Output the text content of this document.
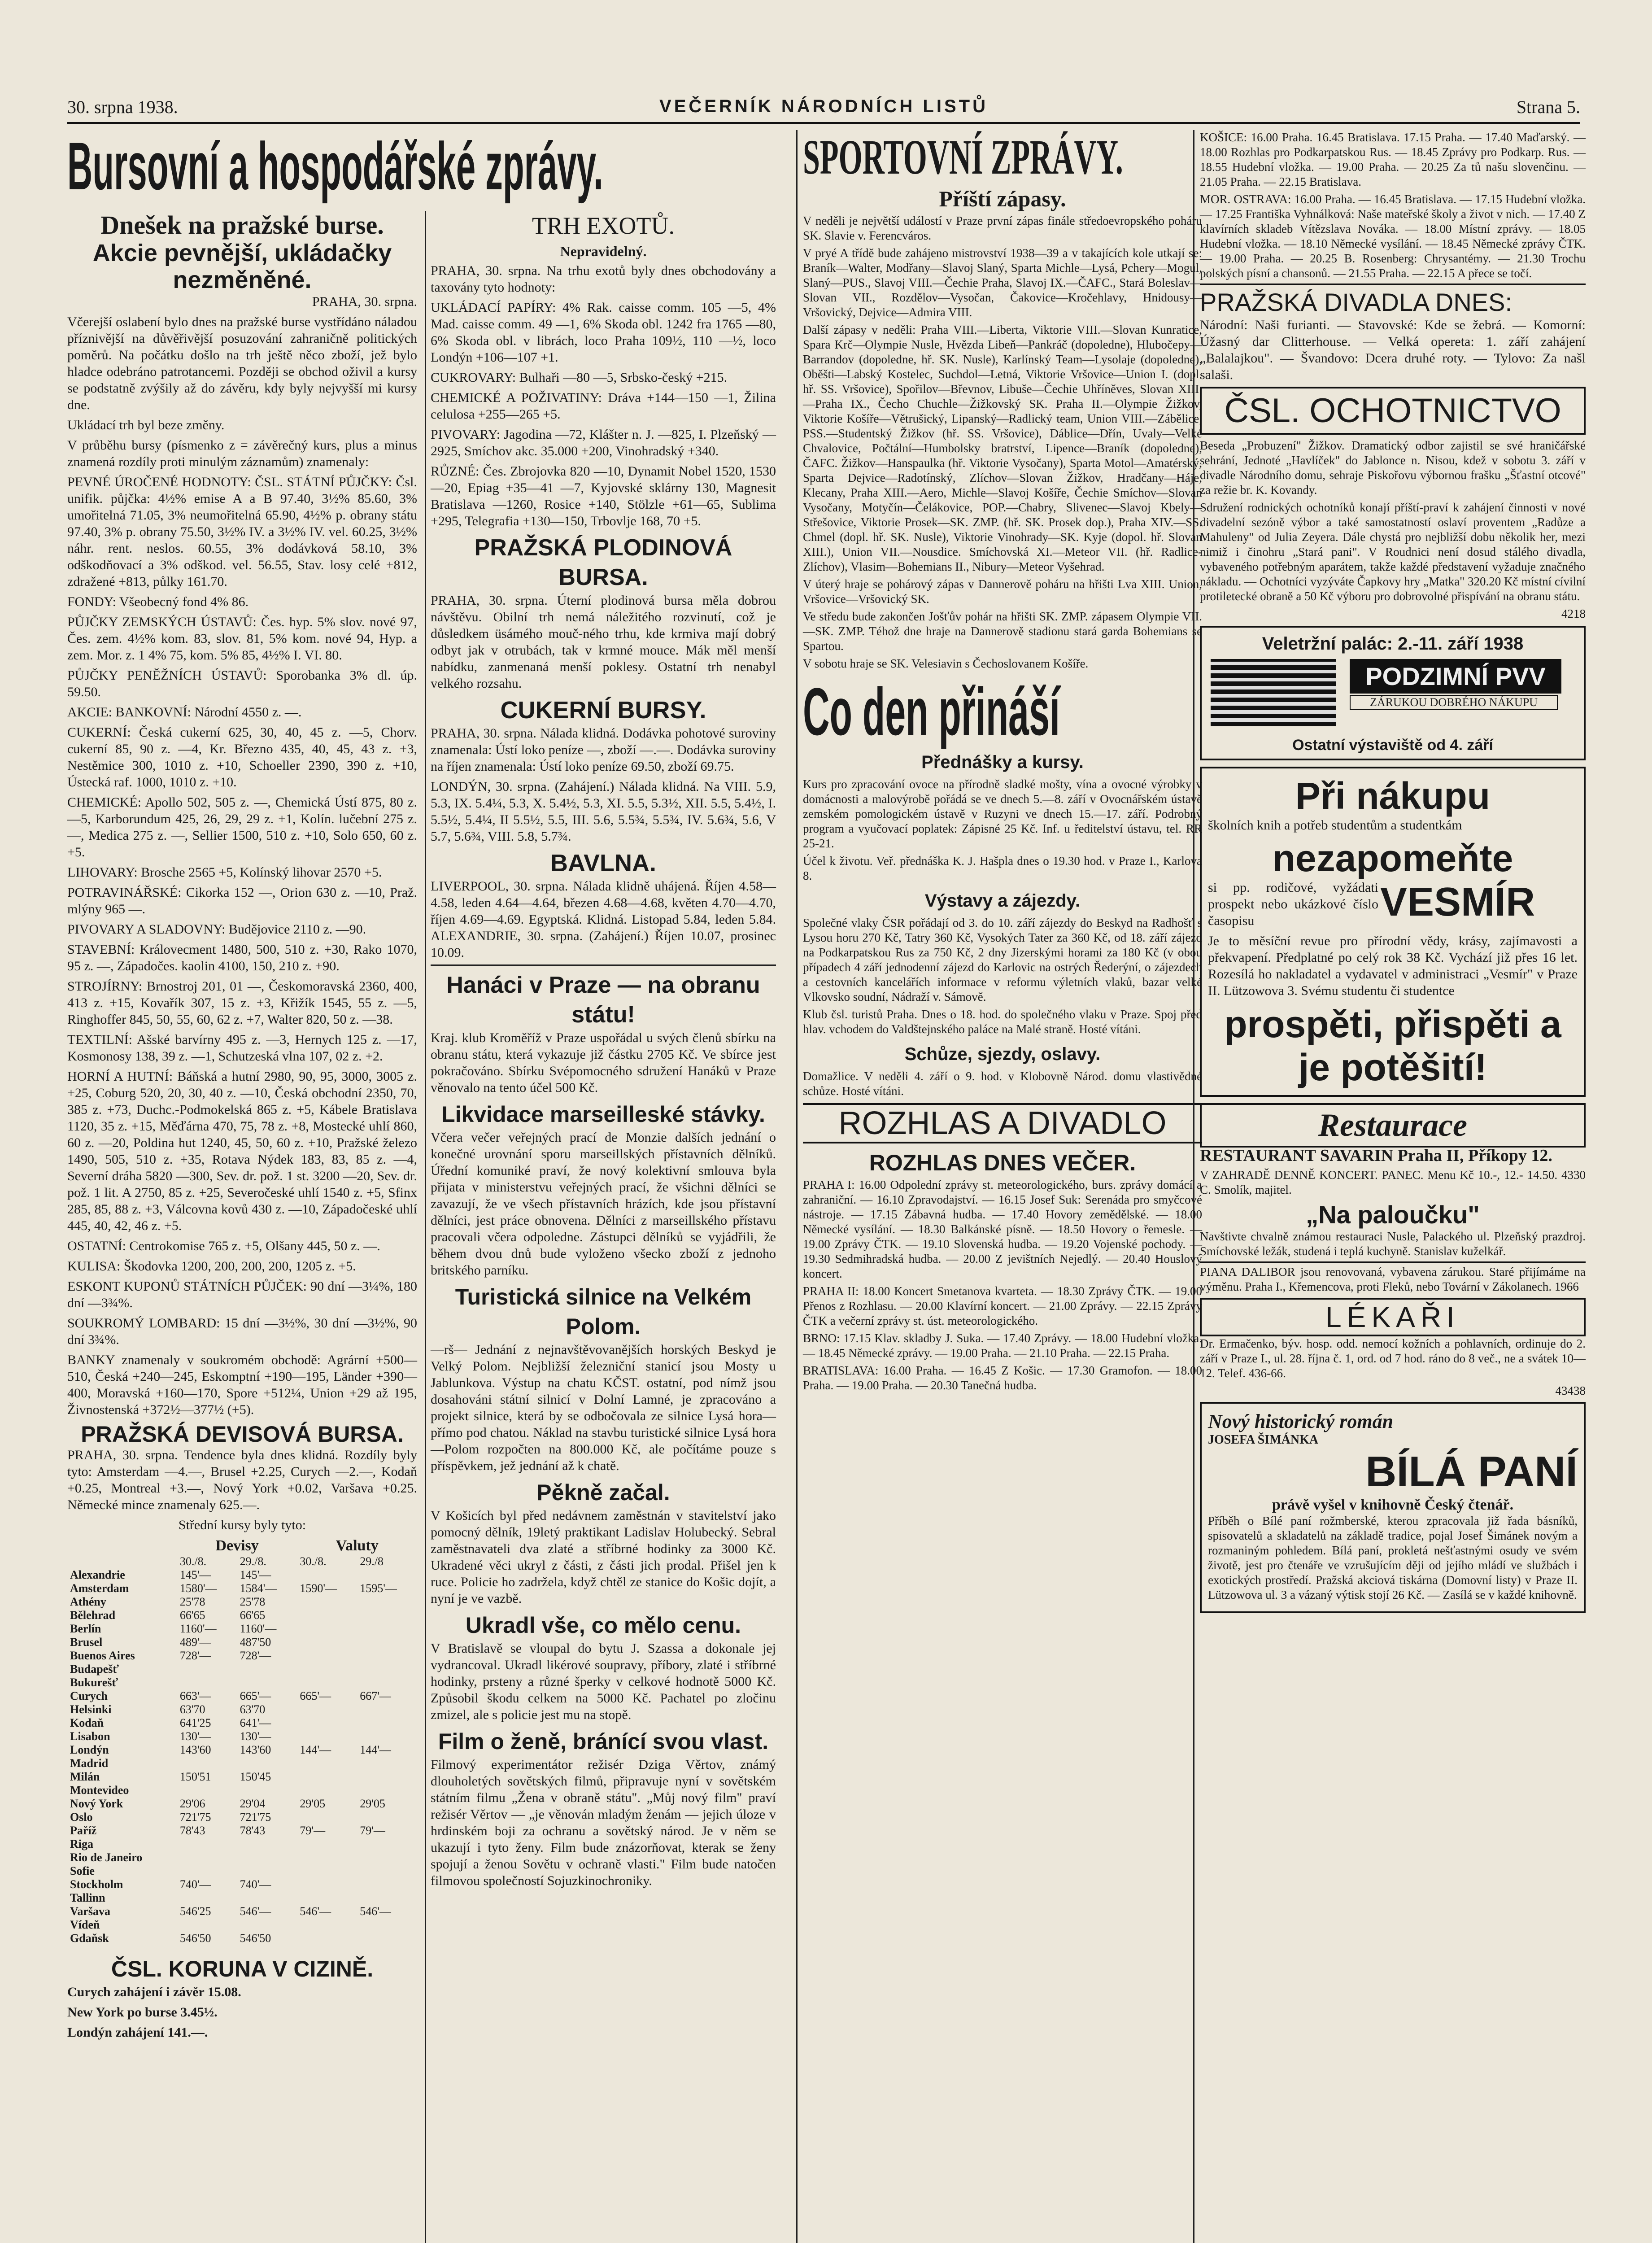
30. srpna 1938.	VEČERNÍK NÁRODNÍCH LISTŮ	Strana 5.
Bursovní a hospodářské zprávy.
Dnešek na pražské burse.
Akcie pevnější, ukládačky nezměněné.
PRAHA, 30. srpna.

Včerejší oslabení bylo dnes na pražské burse vystřídáno náladou příznivější na důvěřivější posuzování zahraničně politických poměrů. Na počátku došlo na trh ještě něco zboží, jež bylo hladce odebráno patrotancemi. Později se obchod oživil a kursy se podstatně zvýšily až do závěru, kdy byly nejvyšší mi kursy dne.

Ukládací trh byl beze změny.

V průběhu bursy (písmenko z = závěrečný kurs, plus a minus znamená rozdíly proti minulým záznamům) znamenaly:

PEVNÉ ÚROČENÉ HODNOTY: ČSL. STÁTNÍ PŮJČKY: Čsl. unifik. půjčka: 4½% emise A a B 97.40, 3½% 85.60, 3% umořitelná 71.05, 3% neumořitelná 65.90, 4½% p. obrany státu 97.40, 3% p. obrany 75.50, 3½% IV. a 3½% IV. vel. 60.25, 3½% náhr. rent. neslos. 60.55, 3% dodávková 58.10, 3% odškodňovací a 3% odškod. vel. 56.55, Stav. losy celé +812, zdražené +813, půlky 161.70.

FONDY: Všeobecný fond 4% 86.

PŮJČKY ZEMSKÝCH ÚSTAVŮ: Čes. hyp. 5% slov. nové 97, Čes. zem. 4½% kom. 83, slov. 81, 5% kom. nové 94, Hyp. a zem. Mor. z. 1 4% 75, kom. 5% 85, 4½% I. VI. 80.

PŮJČKY PENĚŽNÍCH ÚSTAVŮ: Sporobanka 3% dl. úp. 59.50.

AKCIE: BANKOVNÍ: Národní 4550 z. —.

CUKERNÍ: Česká cukerní 625, 30, 40, 45 z. —5, Chorv. cukerní 85, 90 z. —4, Kr. Březno 435, 40, 45, 43 z. +3, Nestěmice 300, 1010 z. +10, Schoeller 2390, 390 z. +10, Ústecká raf. 1000, 1010 z. +10.

CHEMICKÉ: Apollo 502, 505 z. —, Chemická Ústí 875, 80 z. —5, Karborundum 425, 26, 29, 29 z. +1, Kolín. lučební 275 z. —, Medica 275 z. —, Sellier 1500, 510 z. +10, Solo 650, 60 z. +5.

LIHOVARY: Brosche 2565 +5, Kolínský lihovar 2570 +5.

POTRAVINÁŘSKÉ: Cikorka 152 —, Orion 630 z. —10, Praž. mlýny 965 —.

PIVOVARY A SLADOVNY: Budějovice 2110 z. —90.

STAVEBNÍ: Královecment 1480, 500, 510 z. +30, Rako 1070, 95 z. —, Západočes. kaolin 4100, 150, 210 z. +90.

STROJÍRNY: Brnostroj 201, 01 —, Českomoravská 2360, 400, 413 z. +15, Kovařík 307, 15 z. +3, Křižík 1545, 55 z. —5, Ringhoffer 845, 50, 55, 60, 62 z. +7, Walter 820, 50 z. —38.

TEXTILNÍ: Ašské barvírny 495 z. —3, Hernych 125 z. —17, Kosmonosy 138, 39 z. —1, Schutzeská vlna 107, 02 z. +2.

HORNÍ A HUTNÍ: Báňská a hutní 2980, 90, 95, 3000, 3005 z. +25, Coburg 520, 20, 30, 40 z. —10, Česká obchodní 2350, 70, 385 z. +73, Duchc.-Podmokelská 865 z. +5, Kábele Bratislava 1120, 35 z. +15, Měďárna 470, 75, 78 z. +8, Mostecké uhlí 860, 60 z. —20, Poldina hut 1240, 45, 50, 60 z. +10, Pražské železo 1490, 505, 510 z. +35, Rotava Nýdek 183, 83, 85 z. —4, Severní dráha 5820 —300, Sev. dr. pož. 1 st. 3200 —20, Sev. dr. pož. 1 lit. A 2750, 85 z. +25, Severočeské uhlí 1540 z. +5, Sfinx 285, 85, 88 z. +3, Válcovna kovů 430 z. —10, Západočeské uhlí 445, 40, 42, 46 z. +5.

OSTATNÍ: Centrokomise 765 z. +5, Olšany 445, 50 z. —.

KULISA: Škodovka 1200, 200, 200, 200, 1205 z. +5.

ESKONT KUPONŮ STÁTNÍCH PŮJČEK: 90 dní —3¼%, 180 dní —3¾%.

SOUKROMÝ LOMBARD: 15 dní —3½%, 30 dní —3½%, 90 dní 3¾%.

BANKY znamenaly v soukromém obchodě: Agrární +500—510, Česká +240—245, Eskomptní +190—195, Länder +390—400, Moravská +160—170, Spore +512¼, Union +29 až 195, Živnostenská +372½—377½ (+5).

PRAŽSKÁ DEVISOVÁ BURSA.

PRAHA, 30. srpna. Tendence byla dnes klidná. Rozdíly byly tyto: Amsterdam —4.—, Brusel +2.25, Curych —2.—, Kodaň +0.25, Montreal +3.—, Nový York +0.02, Varšava +0.25. Německé mince znamenaly 625.—.

Střední kursy byly tyto:

	Devisy		Valuty	
	30./8.	29./8.	30./8.	29./8
Alexandrie	145'—	145'—		
Amsterdam	1580'—	1584'—	1590'—	1595'—
Athény	25'78	25'78		
Bělehrad	66'65	66'65		
Berlín	1160'—	1160'—		
Brusel	489'—	487'50		
Buenos Aires	728'—	728'—		
Budapešť				
Bukurešť				
Curych	663'—	665'—	665'—	667'—
Helsinki	63'70	63'70		
Kodaň	641'25	641'—		
Lisabon	130'—	130'—		
Londýn	143'60	143'60	144'—	144'—
Madrid				
Milán	150'51	150'45		
Montevideo				
Nový York	29'06	29'04	29'05	29'05
Oslo	721'75	721'75		
Paříž	78'43	78'43	79'—	79'—
Riga				
Rio de Janeiro				
Sofie				
Stockholm	740'—	740'—		
Tallinn				
Varšava	546'25	546'—	546'—	546'—
Vídeň				
Gdaňsk	546'50	546'50		
ČSL. KORUNA V CIZINĚ.
Curych zahájení i závěr 15.08.
New York po burse 3.45½.
Londýn zahájení 141.—.
TRH EXOTŮ.
Nepravidelný.

PRAHA, 30. srpna. Na trhu exotů byly dnes obchodovány a taxovány tyto hodnoty:

UKLÁDACÍ PAPÍRY: 4% Rak. caisse comm. 105 —5, 4% Mad. caisse comm. 49 —1, 6% Skoda obl. 1242 fra 1765 —80, 6% Skoda obl. v librách, loco Praha 109½, 110 —½, loco Londýn +106—107 +1.

CUKROVARY: Bulhaři —80 —5, Srbsko-český +215.

CHEMICKÉ A POŽIVATINY: Dráva +144—150 —1, Žilina celulosa +255—265 +5.

PIVOVARY: Jagodina —72, Klášter n. J. —825, I. Plzeňský —2925, Smíchov akc. 35.000 +200, Vinohradský +340.

RŮZNÉ: Čes. Zbrojovka 820 —10, Dynamit Nobel 1520, 1530 —20, Epiag +35—41 —7, Kyjovské sklárny 130, Magnesit Bratislava —1260, Rosice +140, Stölzle +61—65, Sublima +295, Telegrafia +130—150, Trbovlje 168, 70 +5.

PRAŽSKÁ PLODINOVÁ BURSA.

PRAHA, 30. srpna. Úterní plodinová bursa měla dobrou návštěvu. Obilní trh nemá náležitého rozvinutí, což je důsledkem üsámého mouč-ného trhu, kde krmiva mají dobrý odbyt jak v otrubách, tak v krmné mouce. Mák měl menší nabídku, zanmenaná menší poklesy. Ostatní trh nenabyl velkého rozsahu.

CUKERNÍ BURSY.

PRAHA, 30. srpna. Nálada klidná. Dodávka pohotové suroviny znamenala: Ústí loko peníze —, zboží —.—. Dodávka suroviny na říjen znamenala: Ústí loko peníze 69.50, zboží 69.75.

LONDÝN, 30. srpna. (Zahájení.) Nálada klidná. Na VIII. 5.9, 5.3, IX. 5.4¼, 5.3, X. 5.4½, 5.3, XI. 5.5, 5.3½, XII. 5.5, 5.4½, I. 5.5½, 5.4¼, II 5.5½, 5.5, III. 5.6, 5.5¾, 5.5¾, IV. 5.6¾, 5.6, V 5.7, 5.6¾, VIII. 5.8, 5.7¾.

BAVLNA.

LIVERPOOL, 30. srpna. Nálada klidně uhájená. Říjen 4.58—4.58, leden 4.64—4.64, březen 4.68—4.68, květen 4.70—4.70, říjen 4.69—4.69. Egyptská. Klidná. Listopad 5.84, leden 5.84. ALEXANDRIE, 30. srpna. (Zahájení.) Říjen 10.07, prosinec 10.09.

Hanáci v Praze — na obranu státu!

Kraj. klub Kroměříž v Praze uspořádal u svých členů sbírku na obranu státu, která vykazuje již částku 2705 Kč. Ve sbírce jest pokračováno. Sbírku Svépomocného sdružení Hanáků v Praze věnovalo na tento účel 500 Kč.

Likvidace marseilleské stávky.

Včera večer veřejných prací de Monzie dalších jednání o konečné urovnání sporu marseillských přístavních dělníků. Úřední komuniké praví, že nový kolektivní smlouva byla přijata v ministerstvu veřejných prací, že všichni dělníci se zavazují, že ve všech přístavních hrázích, kde jsou přístavní dělníci, jest práce obnovena. Dělníci z marseillského přístavu pracovali včera odpoledne. Zástupci dělníků se vyjádřili, že během dvou dnů bude vyloženo všecko zboží z jednoho britského parníku.

Turistická silnice na Velkém Polom.

—rš— Jednání z nejnavštěvovanějších horských Beskyd je Velký Polom. Nejbližší železniční stanicí jsou Mosty u Jablunkova. Výstup na chatu KČST. ostatní, pod nímž jsou dosahováni státní silnicí v Dolní Lamné, je zpracováno a projekt silnice, která by se odbočovala ze silnice Lysá hora—přímo pod chatou. Náklad na stavbu turistické silnice Lysá hora—Polom rozpočten na 800.000 Kč, ale počítáme pouze s příspěvkem, jež jednání až k chatě.

Pěkně začal.

V Košicích byl před nedávnem zaměstnán v stavitelství jako pomocný dělník, 19letý praktikant Ladislav Holubecký. Sebral zaměstnavateli dva zlaté a stříbrné hodinky za 3000 Kč. Ukradené věci ukryl z části, z části jich prodal. Přišel jen k ruce. Policie ho zadržela, když chtěl ze stanice do Košic dojít, a nyní je ve vazbě.

Ukradl vše, co mělo cenu.

V Bratislavě se vloupal do bytu J. Szassa a dokonale jej vydrancoval. Ukradl likérové soupravy, příbory, zlaté i stříbrné hodinky, prsteny a různé šperky v celkové hodnotě 5000 Kč. Způsobil škodu celkem na 5000 Kč. Pachatel po zločinu zmizel, ale s policie jest mu na stopě.

Film o ženě, bránící svou vlast.

Filmový experimentátor režisér Dziga Věrtov, známý dlouholetých sovětských filmů, připravuje nyní v sovětském státním filmu „Žena v obraně státu". „Můj nový film" praví režisér Věrtov — „je věnován mladým ženám — jejich úloze v hrdinském boji za ochranu a sovětský národ. Je v něm se ukazují i tyto ženy. Film bude znázorňovat, kterak se ženy spojují a ženou Sovětu v ochraně vlasti." Film bude natočen filmovou společností Sojuzkinochroniky.

SPORTOVNÍ ZPRÁVY.
Příští zápasy.

V neděli je největší událostí v Praze první zápas finále středoevropského poháru SK. Slavie v. Ferencváros.

V pryé A třídě bude zahájeno mistrovství 1938—39 a v takajících kole utkají se: Braník—Walter, Modřany—Slavoj Slaný, Sparta Michle—Lysá, Pchery—Mogul, Slaný—PUS., Slavoj VIII.—Čechie Praha, Slavoj IX.—ČAFC., Stará Boleslav—Slovan VII., Rozdělov—Vysočan, Čakovice—Kročehlavy, Hnidousy—Vršovický, Dejvice—Admira VIII.

Další zápasy v neděli: Praha VIII.—Liberta, Viktorie VIII.—Slovan Kunratice, Spara Krč—Olympie Nusle, Hvězda Libeň—Pankráč (dopoledne), Hlubočepy—Barrandov (dopoledne, hř. SK. Nusle), Karlínský Team—Lysolaje (dopoledne), Oběšti—Labský Kostelec, Suchdol—Letná, Viktorie Vršovice—Union I. (dopl. hř. SS. Vršovice), Spořilov—Břevnov, Libuše—Čechie Uhříněves, Slovan XIII.—Praha IX., Čecho Chuchle—Žižkovský SK. Praha II.—Olympie Žižkov, Viktorie Košíře—Větrušický, Lipanský—Radlický team, Union VIII.—Zábělice, PSS.—Studentský Žižkov (hř. SS. Vršovice), Dáblice—Dřín, Uvaly—Velké Chvalovice, Počtální—Humbolsky bratrství, Lipence—Braník (dopoledne), ČAFC. Žižkov—Hanspaulka (hř. Viktorie Vysočany), Sparta Motol—Amatérský, Sparta Dejvice—Radotínský, Zlíchov—Slovan Žižkov, Hradčany—Háje, Klecany, Praha XIII.—Aero, Michle—Slavoj Košíře, Čechie Smíchov—Slovan Vysočany, Motyčín—Čelákovice, POP.—Chabry, Slivenec—Slavoj Kbely—Střešovice, Viktorie Prosek—SK. ZMP. (hř. SK. Prosek dop.), Praha XIV.—SS. Chmel (dopl. hř. SK. Nusle), Viktorie Vinohrady—SK. Kyje (dopol. hř. Slovan XIII.), Union VII.—Nousdice. Smíchovská XI.—Meteor VII. (hř. Radlice-Zlíchov), Vlasim—Bohemians II., Nibury—Meteor Vyšehrad.

V úterý hraje se pohárový zápas v Dannerově poháru na hřišti Lva XIII. Union, Vršovice—Vršovický SK.

Ve středu bude zakončen Jošťův pohár na hřišti SK. ZMP. zápasem Olympie VII.—SK. ZMP. Téhož dne hraje na Dannerově stadionu stará garda Bohemians se Spartou.

V sobotu hraje se SK. Velesiavin s Čechoslovanem Košíře.

Co den přináší
Přednášky a kursy.

Kurs pro zpracování ovoce na přírodně sladké mošty, vína a ovocné výrobky v domácnosti a malovýrobě pořádá se ve dnech 5.—8. září v Ovocnářském ústavě zemském pomologickém ústavě v Ruzyni ve dnech 15.—17. září. Podrobný program a vyučovací poplatek: Zápisné 25 Kč. Inf. u ředitelství ústavu, tel. RR 25-21.

Účel k životu. Veř. přednáška K. J. Hašpla dnes o 19.30 hod. v Praze I., Karlova 8.

Výstavy a zájezdy.

Společné vlaky ČSR pořádají od 3. do 10. září zájezdy do Beskyd na Radhošť s Lysou horu 270 Kč, Tatry 360 Kč, Vysokých Tater za 360 Kč, od 18. září zájezd na Podkarpatskou Rus za 750 Kč, 2 dny Jizerskými horami za 180 Kč (v obou případech 4 září jednodenní zájezd do Karlovic na ostrých Řederýní, o zájezdech a cestovních kancelářích informace v reformu výletních vlaků, bazar velké Vlkovsko soudní, Nádraží v. Sámově.

Klub čsl. turistů Praha. Dnes o 18. hod. do společného vlaku v Praze. Spoj před hlav. vchodem do Valdštejnského paláce na Malé straně. Hosté vítáni.

Schůze, sjezdy, oslavy.

Domažlice. V neděli 4. září o 9. hod. v Klobovně Národ. domu vlastivědné schůze. Hosté vítáni.

ROZHLAS A DIVADLO
ROZHLAS DNES VEČER.

PRAHA I: 16.00 Odpolední zprávy st. meteorologického, burs. zprávy domácí a zahraniční. — 16.10 Zpravodajství. — 16.15 Josef Suk: Serenáda pro smyčcové nástroje. — 17.15 Zábavná hudba. — 17.40 Hovory zemědělské. — 18.00 Německé vysílání. — 18.30 Balkánské písně. — 18.50 Hovory o řemesle. — 19.00 Zprávy ČTK. — 19.10 Slovenská hudba. — 19.20 Vojenské pochody. — 19.30 Sedmihradská hudba. — 20.00 Z jevištních Nejedlý. — 20.40 Houslový koncert.

PRAHA II: 18.00 Koncert Smetanova kvarteta. — 18.30 Zprávy ČTK. — 19.00 Přenos z Rozhlasu. — 20.00 Klavírní koncert. — 21.00 Zprávy. — 22.15 Zprávy ČTK a večerní zprávy st. úst. meteorologického.

BRNO: 17.15 Klav. skladby J. Suka. — 17.40 Zprávy. — 18.00 Hudební vložka. — 18.45 Německé zprávy. — 19.00 Praha. — 21.10 Praha. — 22.15 Praha.

BRATISLAVA: 16.00 Praha. — 16.45 Z Košic. — 17.30 Gramofon. — 18.00 Praha. — 19.00 Praha. — 20.30 Tanečná hudba.

KOŠICE: 16.00 Praha. 16.45 Bratislava. 17.15 Praha. — 17.40 Maďarský. — 18.00 Rozhlas pro Podkarpatskou Rus. — 18.45 Zprávy pro Podkarp. Rus. — 18.55 Hudební vložka. — 19.00 Praha. — 20.25 Za tů našu slovenčinu. — 21.05 Praha. — 22.15 Bratislava.

MOR. OSTRAVA: 16.00 Praha. — 16.45 Bratislava. — 17.15 Hudební vložka. — 17.25 Františka Vyhnálková: Naše mateřské školy a život v nich. — 17.40 Z klavírních skladeb Vítězslava Nováka. — 18.00 Místní zprávy. — 18.05 Hudební vložka. — 18.10 Německé vysílání. — 18.45 Německé zprávy ČTK. — 19.00 Praha. — 20.25 B. Rosenberg: Chrysantémy. — 21.30 Trochu polských písní a chansonů. — 21.55 Praha. — 22.15 A přece se točí.

PRAŽSKÁ DIVADLA DNES:

Národní: Naši furianti. — Stavovské: Kde se žebrá. — Komorní: Úžasný dar Clitterhouse. — Velká opereta: 1. září zahájení „Balalajkou". — Švandovo: Dcera druhé roty. — Tylovo: Za našl salaši.

ČSL. OCHOTNICTVO

Beseda „Probuzení" Žižkov. Dramatický odbor zajistil se své hraničářské sehrání, Jednoté „Havlíček" do Jablonce n. Nisou, kdež v sobotu 3. září v divadle Národního domu, sehraje Piskořovu výbornou frašku „Šťastní otcové" za režie br. K. Kovandy.

Sdružení rodnických ochotníků konají příští-praví k zahájení činnosti v nové divadelní sezóně výbor a také samostatností oslaví proventem „Radůze a Mahuleny" od Julia Zeyera. Dále chystá pro nejbližší dobu několik her, mezi nimiž i činohru „Stará pani". V Roudnici není dosud stálého divadla, vybaveného potřebným aparátem, takže každé představení vyžaduje značného nákladu. — Ochotníci vyzýváte Čapkovy hry „Matka" 320.20 Kč místní cívilní protiletecké obraně a 50 Kč výboru pro dobrovolné přispívání na obranu státu.

4218
Veletržní palác: 2.-11. září 1938
PODZIMNÍ PVV
ZÁRUKOU DOBRÉHO NÁKUPU
Ostatní výstaviště od 4. září
Při nákupu
školních knih a potřeb studentům a studentkám
nezapomeňte
si pp. rodičové, vyžádati prospekt nebo ukázkové číslo časopisu	VESMÍR
Je to měsíční revue pro přírodní vědy, krásy, zajímavosti a překvapení. Předplatné po celý rok 38 Kč. Vychází již přes 16 let. Rozesílá ho nakladatel a vydavatel v administraci „Vesmír" v Praze II. Lützowova 3. Svému studentu či studentce
prospěti, přispěti a je potěšití!
Restaurace
RESTAURANT SAVARIN Praha II, Příkopy 12.
V ZAHRADĚ DENNĚ KONCERT. PANEC. Menu Kč 10.-, 12.- 14.50. 4330 C. Smolík, majitel.
„Na paloučku"
Navštivte chvalně známou restauraci Nusle, Palackého ul. Plzeňský prazdroj. Smíchovské ležák, studená i teplá kuchyně. Stanislav kuželkář.
PIANA DALIBOR jsou renovovaná, vybavena zárukou. Staré přijímáme na výměnu. Praha I., Křemencova, proti Fleků, nebo Tovární v Zákolanech. 1966
LÉKAŘI
Dr. Ermačenko, býv. hosp. odd. nemocí kožních a pohlavních, ordinuje do 2. září v Praze I., ul. 28. října č. 1, ord. od 7 hod. ráno do 8 več., ne a svátek 10—12. Telef. 436-66.
43438
Nový historický román
JOSEFA ŠIMÁNKA
BÍLÁ PANÍ
právě vyšel v knihovně Český čtenář.
Příběh o Bílé paní rožmberské, kterou zpracovala již řada básníků, spisovatelů a skladatelů na základě tradice, pojal Josef Šimánek novým a rozmaniným pohledem. Bílá paní, prokletá nešťastnými osudy ve svém životě, jest pro čtenáře ve vzrušujícím ději od jejího mládí ve službách i exotických prostředí. Pražská akciová tiskárna (Domovní listy) v Praze II. Lützowova ul. 3 a vázaný výtisk stojí 26 Kč. — Zasílá se v každé knihovně.
